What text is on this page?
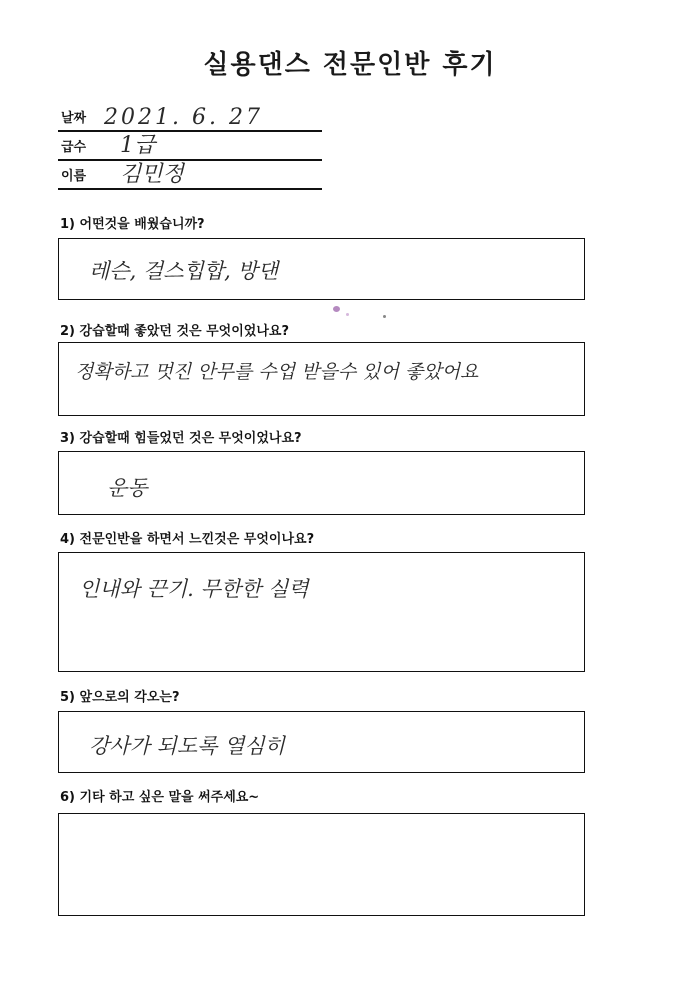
실용댄스 전문인반 후기
날짜 2021. 6. 27
급수 1급
이름 김민정
1) 어떤것을 배웠습니까?
레슨, 걸스힙합, 방댄
2) 강습할때 좋았던 것은 무엇이었나요?
정확하고 멋진 안무를 수업 받을수 있어 좋았어요
3) 강습할때 힘들었던 것은 무엇이었나요?
운동
4) 전문인반을 하면서 느낀것은 무엇이나요?
인내와 끈기. 무한한 실력
5) 앞으로의 각오는?
강사가 되도록 열심히
6) 기타 하고 싶은 말을 써주세요~
